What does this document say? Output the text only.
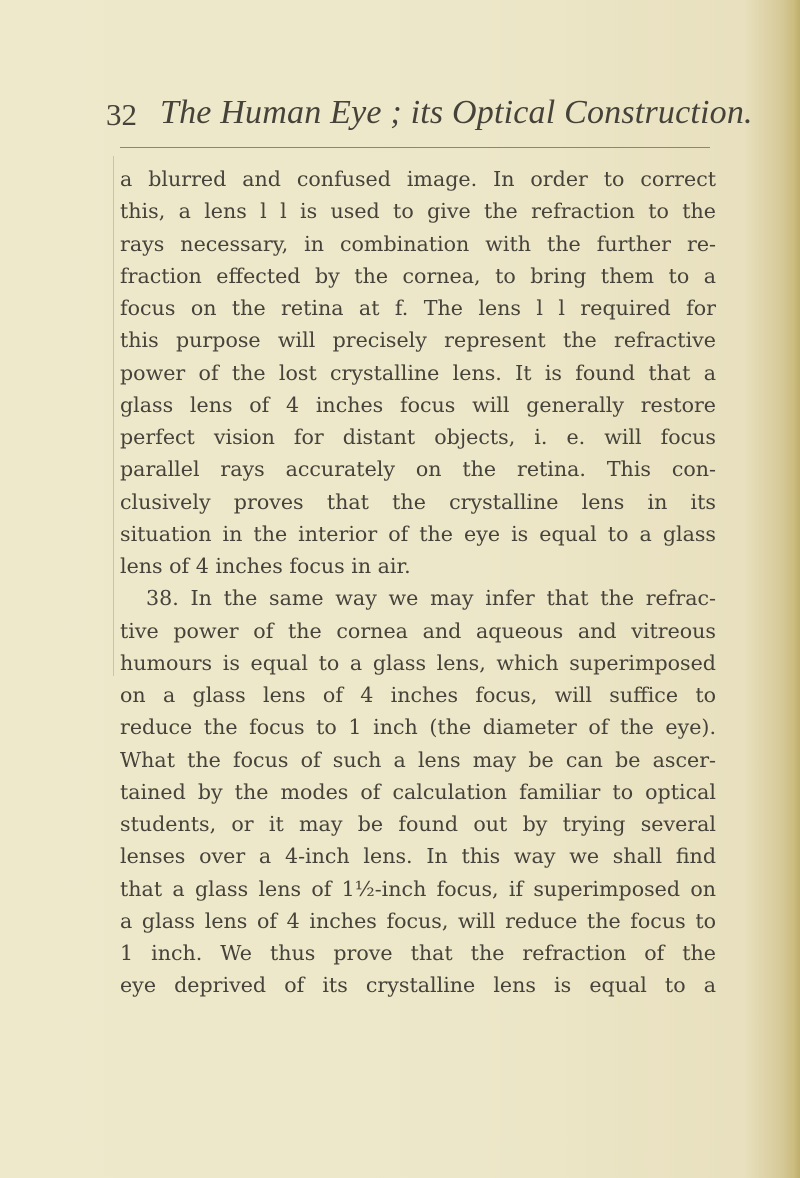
32 The Human Eye ; its Optical Construction.
a blurred and confused image. In order to correct
this, a lens l l is used to give the refraction to the
rays necessary, in combination with the further re-
fraction effected by the cornea, to bring them to a
focus on the retina at f. The lens l l required for
this purpose will precisely represent the refractive
power of the lost crystalline lens. It is found that a
glass lens of 4 inches focus will generally restore
perfect vision for distant objects, i. e. will focus
parallel rays accurately on the retina. This con-
clusively proves that the crystalline lens in its
situation in the interior of the eye is equal to a glass
lens of 4 inches focus in air.
38. In the same way we may infer that the refrac-
tive power of the cornea and aqueous and vitreous
humours is equal to a glass lens, which superimposed
on a glass lens of 4 inches focus, will suffice to
reduce the focus to 1 inch (the diameter of the eye).
What the focus of such a lens may be can be ascer-
tained by the modes of calculation familiar to optical
students, or it may be found out by trying several
lenses over a 4-inch lens. In this way we shall find
that a glass lens of 1½-inch focus, if superimposed on
a glass lens of 4 inches focus, will reduce the focus to
1 inch. We thus prove that the refraction of the
eye deprived of its crystalline lens is equal to a
